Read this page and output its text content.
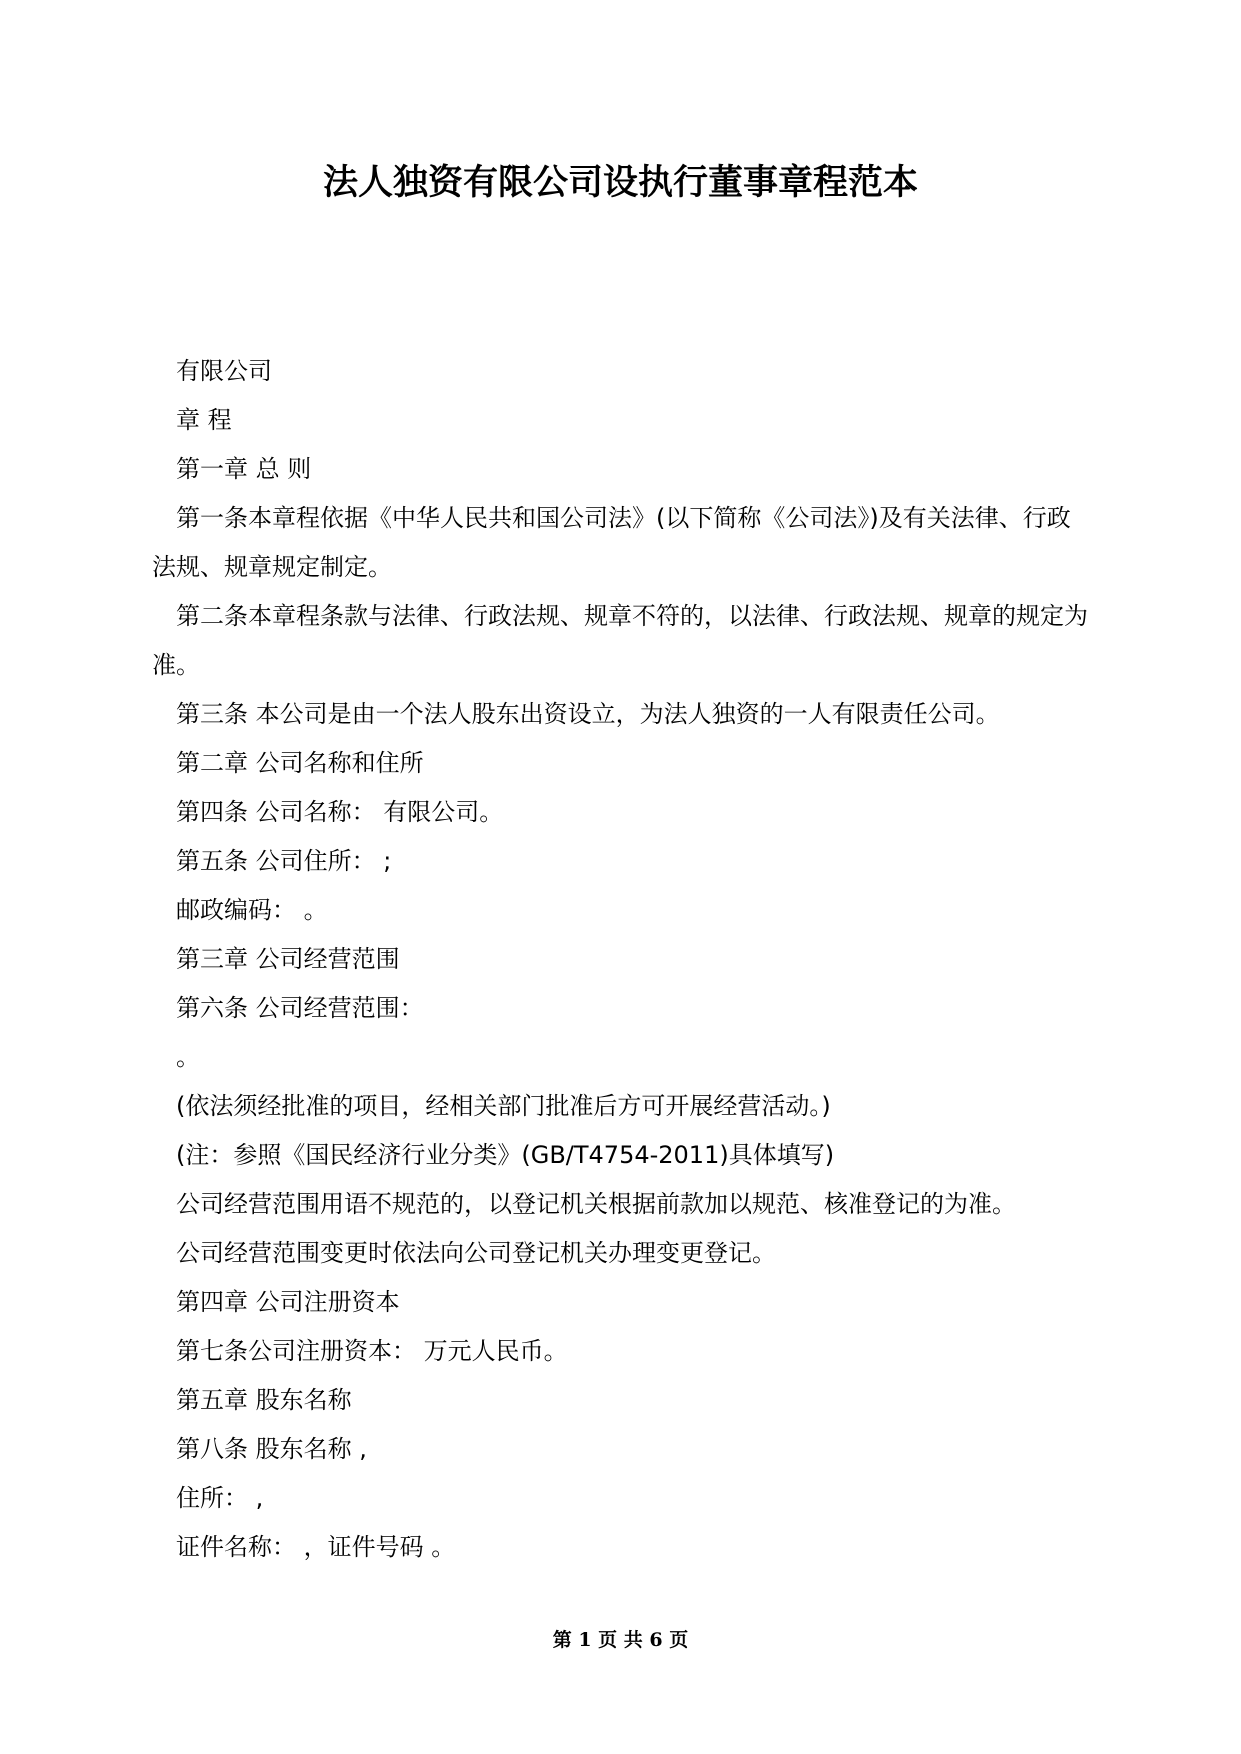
法人独资有限公司设执行董事章程范本

有限公司

章 程

第一章 总 则

第一条本章程依据《中华人民共和国公司法》(以下简称《公司法》)及有关法律、行政法规、规章规定制定。

第二条本章程条款与法律、行政法规、规章不符的，以法律、行政法规、规章的规定为准。

第三条 本公司是由一个法人股东出资设立，为法人独资的一人有限责任公司。

第二章 公司名称和住所

第四条 公司名称： 有限公司。

第五条 公司住所： ;

邮政编码： 。

第三章 公司经营范围

第六条 公司经营范围：

。

(依法须经批准的项目，经相关部门批准后方可开展经营活动。)

(注：参照《国民经济行业分类》(GB/T4754-2011)具体填写)

公司经营范围用语不规范的，以登记机关根据前款加以规范、核准登记的为准。

公司经营范围变更时依法向公司登记机关办理变更登记。

第四章 公司注册资本

第七条公司注册资本： 万元人民币。

第五章 股东名称

第八条 股东名称 ,

住所： ,

证件名称： ，证件号码 。

第 1 页 共 6 页
